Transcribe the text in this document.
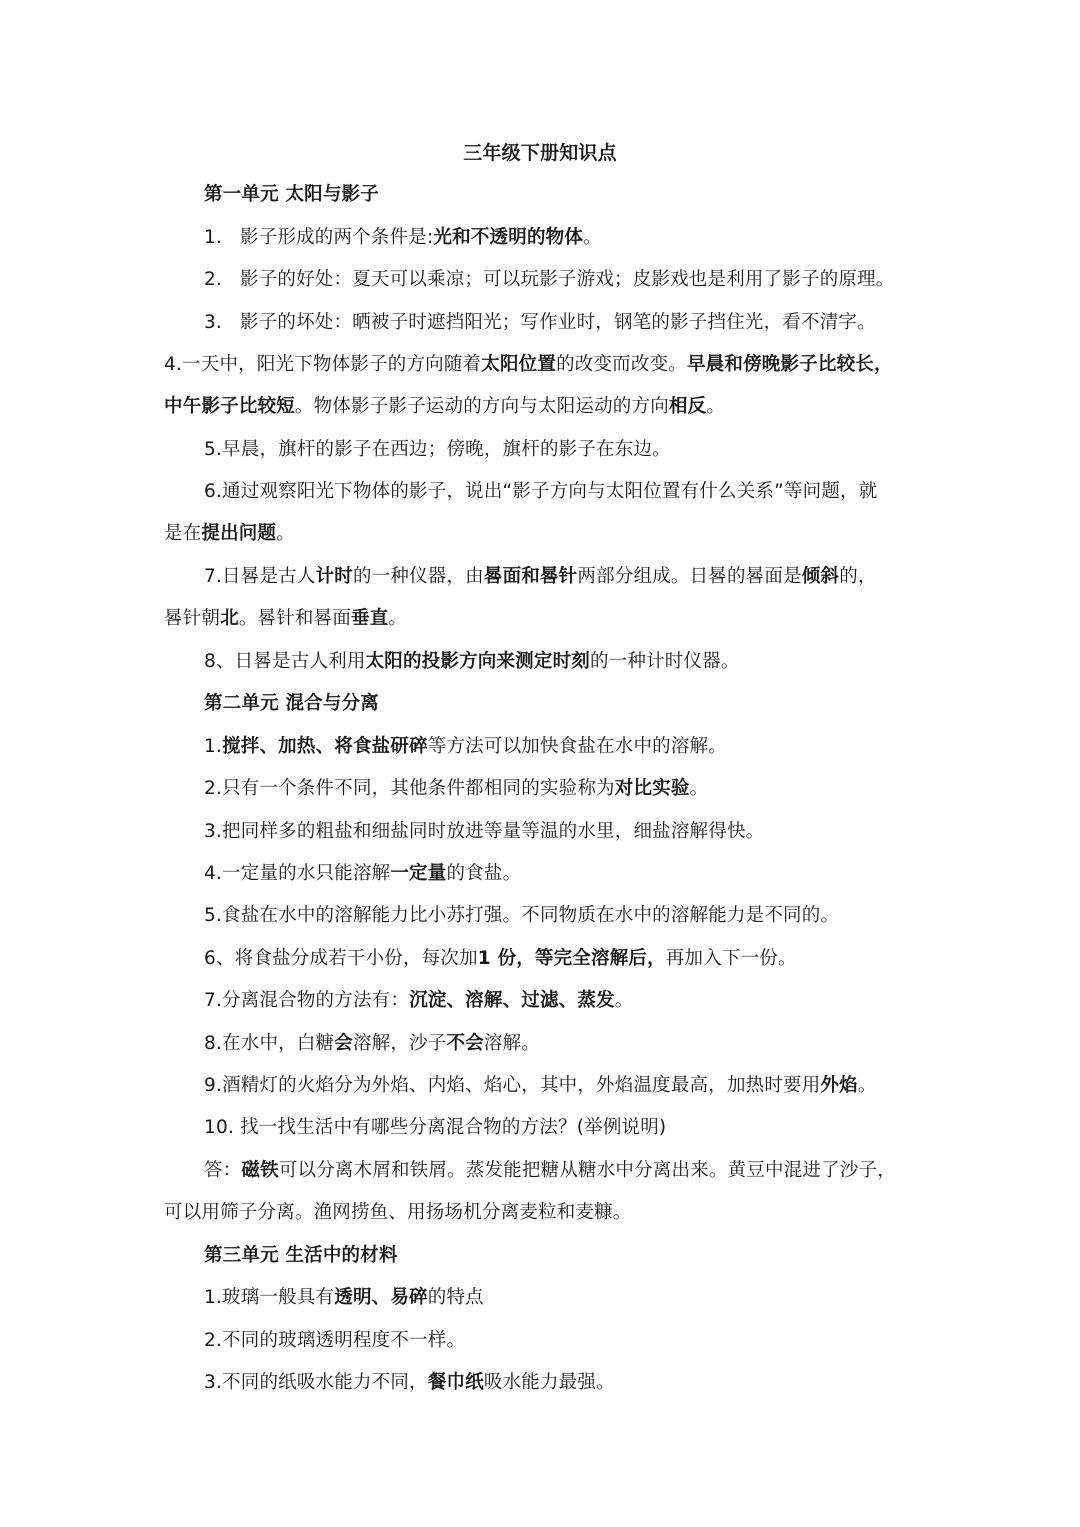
三年级下册知识点
第一单元 太阳与影子
1. 影子形成的两个条件是:光和不透明的物体。
2. 影子的好处：夏天可以乘凉；可以玩影子游戏；皮影戏也是利用了影子的原理。
3. 影子的坏处：晒被子时遮挡阳光；写作业时，钢笔的影子挡住光，看不清字。
4.一天中，阳光下物体影子的方向随着太阳位置的改变而改变。早晨和傍晚影子比较长，
中午影子比较短。物体影子影子运动的方向与太阳运动的方向相反。
5.早晨，旗杆的影子在西边；傍晚，旗杆的影子在东边。
6.通过观察阳光下物体的影子，说出“影子方向与太阳位置有什么关系”等问题，就
是在提出问题。
7.日晷是古人计时的一种仪器，由晷面和晷针两部分组成。日晷的晷面是倾斜的，
晷针朝北。晷针和晷面垂直。
8、日晷是古人利用太阳的投影方向来测定时刻的一种计时仪器。
第二单元 混合与分离
1.搅拌、加热、将食盐研碎等方法可以加快食盐在水中的溶解。
2.只有一个条件不同，其他条件都相同的实验称为对比实验。
3.把同样多的粗盐和细盐同时放进等量等温的水里，细盐溶解得快。
4.一定量的水只能溶解一定量的食盐。
5.食盐在水中的溶解能力比小苏打强。不同物质在水中的溶解能力是不同的。
6、将食盐分成若干小份，每次加1 份，等完全溶解后，再加入下一份。
7.分离混合物的方法有：沉淀、溶解、过滤、蒸发。
8.在水中，白糖会溶解，沙子不会溶解。
9.酒精灯的火焰分为外焰、内焰、焰心，其中，外焰温度最高，加热时要用外焰。
10. 找一找生活中有哪些分离混合物的方法？(举例说明)
答：磁铁可以分离木屑和铁屑。蒸发能把糖从糖水中分离出来。黄豆中混进了沙子，
可以用筛子分离。渔网捞鱼、用扬场机分离麦粒和麦糠。
第三单元 生活中的材料
1.玻璃一般具有透明、易碎的特点
2.不同的玻璃透明程度不一样。
3.不同的纸吸水能力不同，餐巾纸吸水能力最强。
